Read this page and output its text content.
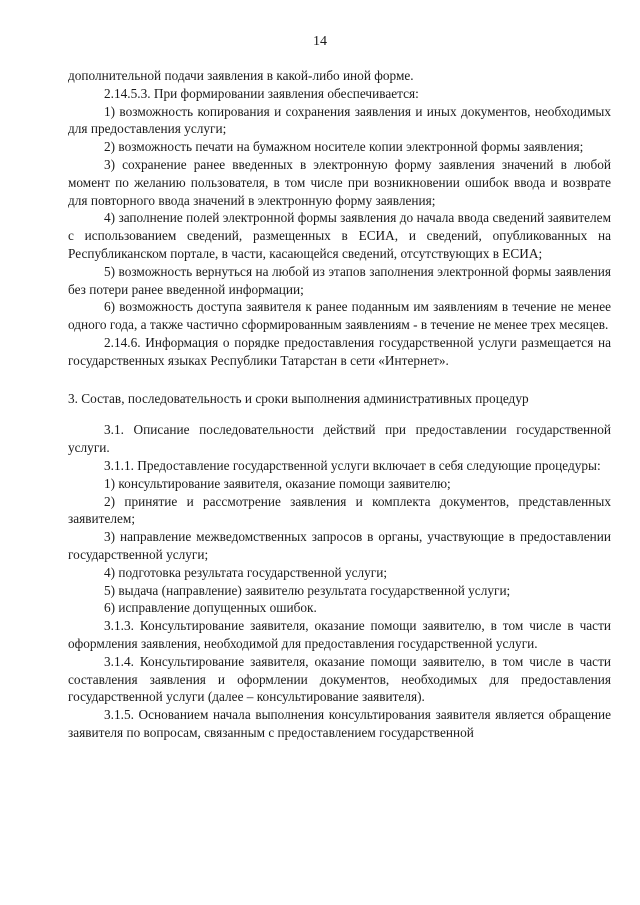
14

дополнительной подачи заявления в какой-либо иной форме.

2.14.5.3. При формировании заявления обеспечивается:

1) возможность копирования и сохранения заявления и иных документов, необходимых для предоставления услуги;

2) возможность печати на бумажном носителе копии электронной формы заявления;

3) сохранение ранее введенных в электронную форму заявления значений в любой момент по желанию пользователя, в том числе при возникновении ошибок ввода и возврате для повторного ввода значений в электронную форму заявления;

4) заполнение полей электронной формы заявления до начала ввода сведений заявителем с использованием сведений, размещенных в ЕСИА, и сведений, опубликованных на Республиканском портале, в части, касающейся сведений, отсутствующих в ЕСИА;

5) возможность вернуться на любой из этапов заполнения электронной формы заявления без потери ранее введенной информации;

6) возможность доступа заявителя к ранее поданным им заявлениям в течение не менее одного года, а также частично сформированным заявлениям - в течение не менее трех месяцев.

2.14.6. Информация о порядке предоставления государственной услуги размещается на государственных языках Республики Татарстан в сети «Интернет».

3. Состав, последовательность и сроки выполнения административных процедур

3.1. Описание последовательности действий при предоставлении государственной услуги.

3.1.1. Предоставление государственной услуги включает в себя следующие процедуры:

1) консультирование заявителя, оказание помощи заявителю;

2) принятие и рассмотрение заявления и комплекта документов, представленных заявителем;

3) направление межведомственных запросов в органы, участвующие в предоставлении государственной услуги;

4) подготовка результата государственной услуги;

5) выдача (направление) заявителю результата государственной услуги;

6) исправление допущенных ошибок.

3.1.3. Консультирование заявителя, оказание помощи заявителю, в том числе в части оформления заявления, необходимой для предоставления государственной услуги.

3.1.4. Консультирование заявителя, оказание помощи заявителю, в том числе в части составления заявления и оформлении документов, необходимых для предоставления государственной услуги (далее – консультирование заявителя).

3.1.5. Основанием начала выполнения консультирования заявителя является обращение заявителя по вопросам, связанным с предоставлением государственной
